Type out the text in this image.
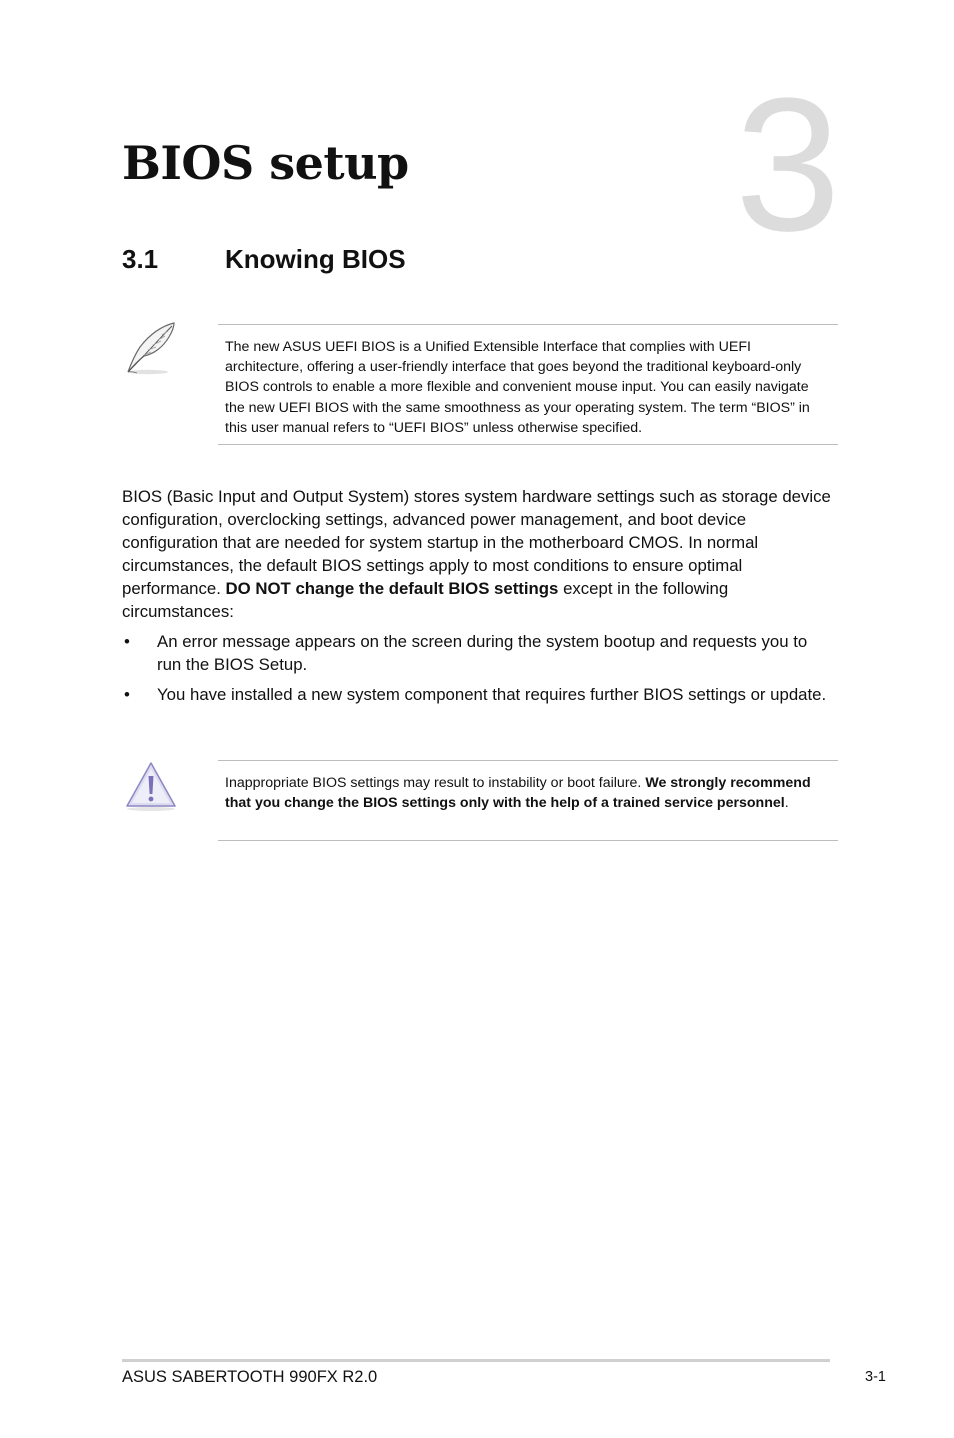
3
BIOS setup
3.1	Knowing BIOS

The new ASUS UEFI BIOS is a Unified Extensible Interface that complies with UEFI architecture, offering a user-friendly interface that goes beyond the traditional keyboard-only BIOS controls to enable a more flexible and convenient mouse input. You can easily navigate the new UEFI BIOS with the same smoothness as your operating system. The term “BIOS” in this user manual refers to “UEFI BIOS” unless otherwise specified.

BIOS (Basic Input and Output System) stores system hardware settings such as storage device configuration, overclocking settings, advanced power management, and boot device configuration that are needed for system startup in the motherboard CMOS. In normal circumstances, the default BIOS settings apply to most conditions to ensure optimal performance. DO NOT change the default BIOS settings except in the following circumstances:

• An error message appears on the screen during the system bootup and requests you to run the BIOS Setup.
• You have installed a new system component that requires further BIOS settings or update.

Inappropriate BIOS settings may result to instability or boot failure. We strongly recommend that you change the BIOS settings only with the help of a trained service personnel.

ASUS SABERTOOTH 990FX R2.0	3-1
